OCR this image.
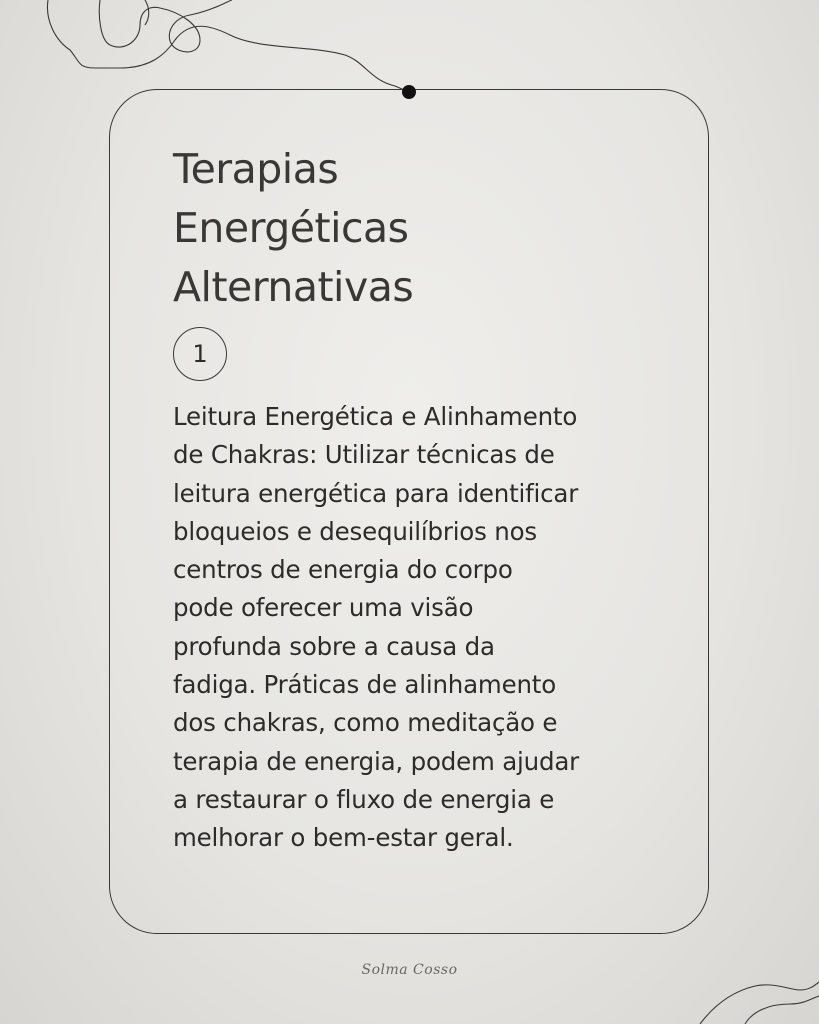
Terapias
Energéticas
Alternativas
1

Leitura Energética e Alinhamento
de Chakras: Utilizar técnicas de
leitura energética para identificar
bloqueios e desequilíbrios nos
centros de energia do corpo
pode oferecer uma visão
profunda sobre a causa da
fadiga. Práticas de alinhamento
dos chakras, como meditação e
terapia de energia, podem ajudar
a restaurar o fluxo de energia e
melhorar o bem-estar geral.

Solma Cosso
